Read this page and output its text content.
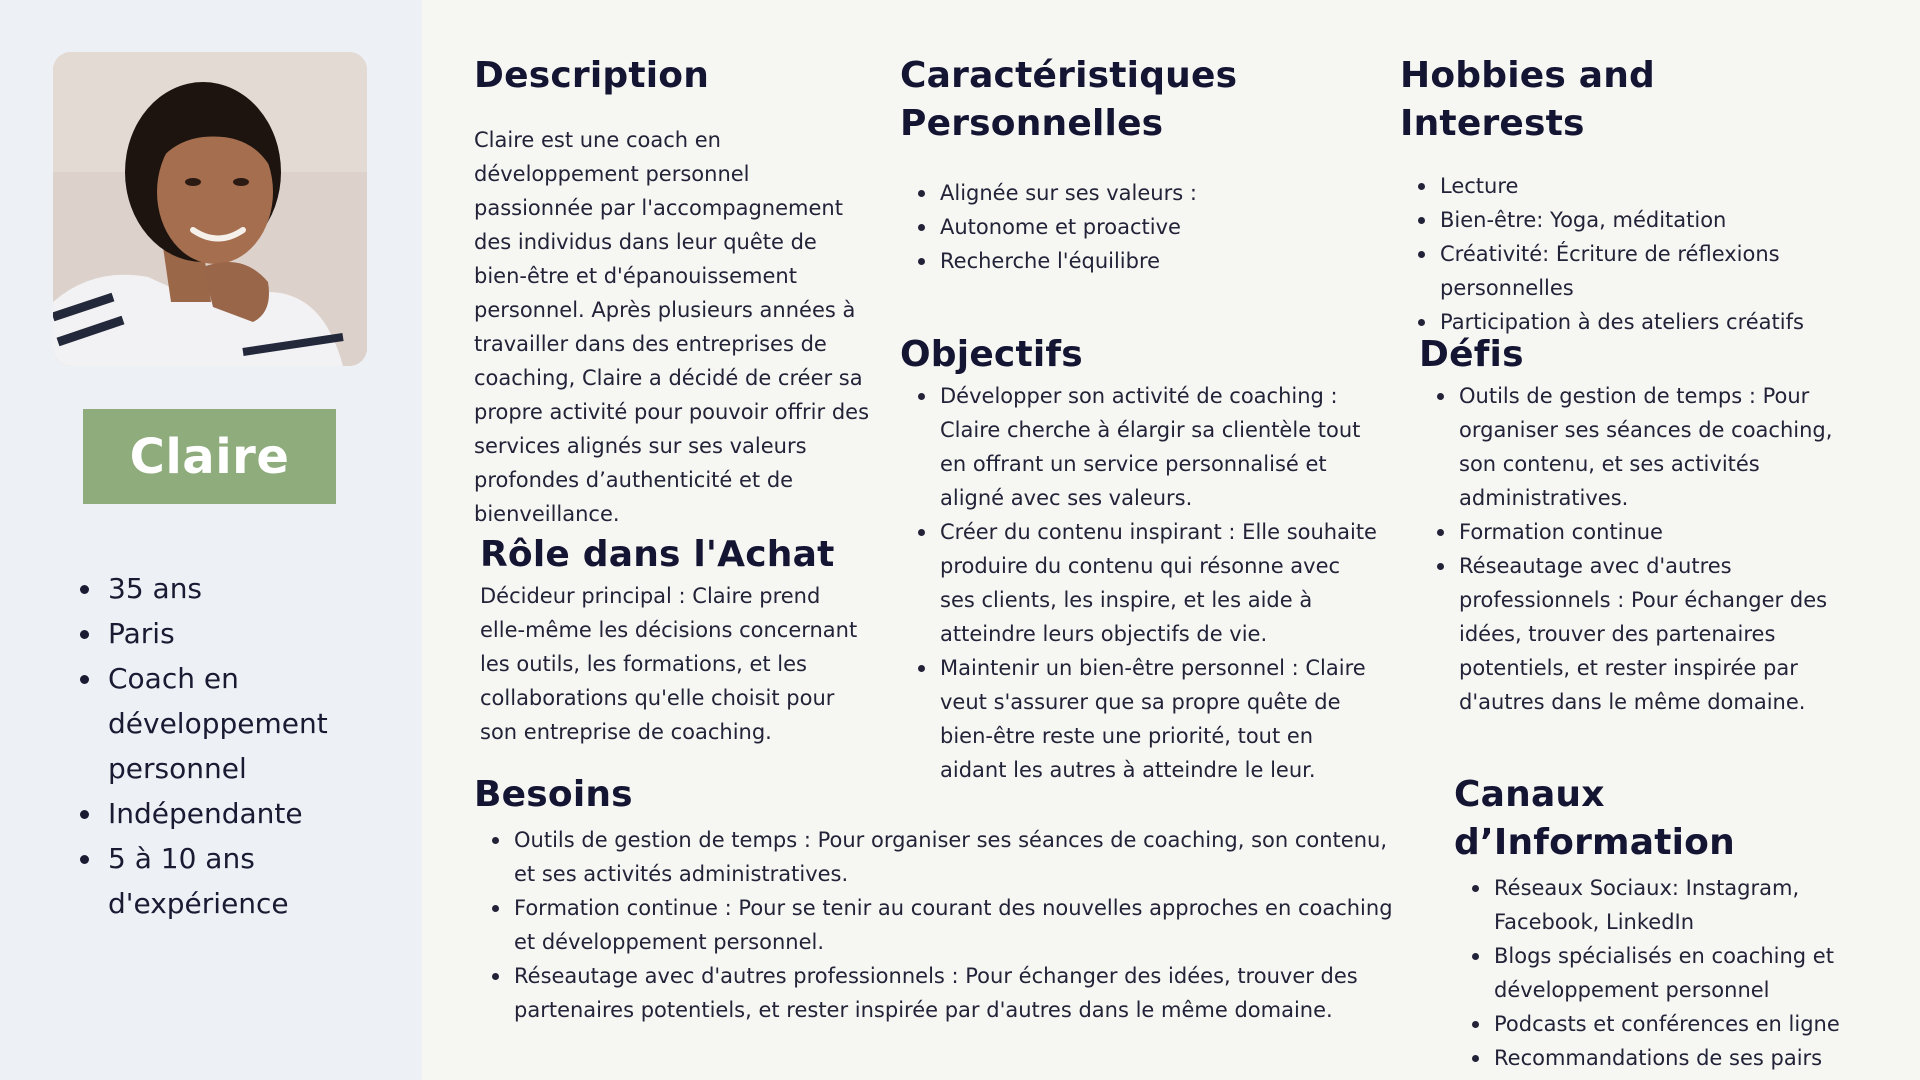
Claire
35 ans
Paris
Coach en développement personnel
Indépendante
5 à 10 ans d'expérience
Description

Claire est une coach en développement personnel passionnée par l'accompagnement des individus dans leur quête de bien-être et d'épanouissement personnel. Après plusieurs années à travailler dans des entreprises de coaching, Claire a décidé de créer sa propre activité pour pouvoir offrir des services alignés sur ses valeurs profondes d’authenticité et de bienveillance.

Rôle dans l'Achat

Décideur principal : Claire prend elle-même les décisions concernant les outils, les formations, et les collaborations qu'elle choisit pour son entreprise de coaching.

Besoins
Outils de gestion de temps : Pour organiser ses séances de coaching, son contenu, et ses activités administratives.
Formation continue : Pour se tenir au courant des nouvelles approches en coaching et développement personnel.
Réseautage avec d'autres professionnels : Pour échanger des idées, trouver des partenaires potentiels, et rester inspirée par d'autres dans le même domaine.
Caractéristiques Personnelles
Alignée sur ses valeurs :
Autonome et proactive
Recherche l'équilibre
Objectifs
Développer son activité de coaching : Claire cherche à élargir sa clientèle tout en offrant un service personnalisé et aligné avec ses valeurs.
Créer du contenu inspirant : Elle souhaite produire du contenu qui résonne avec ses clients, les inspire, et les aide à atteindre leurs objectifs de vie.
Maintenir un bien-être personnel : Claire veut s'assurer que sa propre quête de bien-être reste une priorité, tout en aidant les autres à atteindre le leur.
Hobbies and Interests
Lecture
Bien-être: Yoga, méditation
Créativité: Écriture de réflexions personnelles
Participation à des ateliers créatifs
Défis
Outils de gestion de temps : Pour organiser ses séances de coaching, son contenu, et ses activités administratives.
Formation continue
Réseautage avec d'autres professionnels : Pour échanger des idées, trouver des partenaires potentiels, et rester inspirée par d'autres dans le même domaine.
Canaux d’Information
Réseaux Sociaux: Instagram, Facebook, LinkedIn
Blogs spécialisés en coaching et développement personnel
Podcasts et conférences en ligne
Recommandations de ses pairs
